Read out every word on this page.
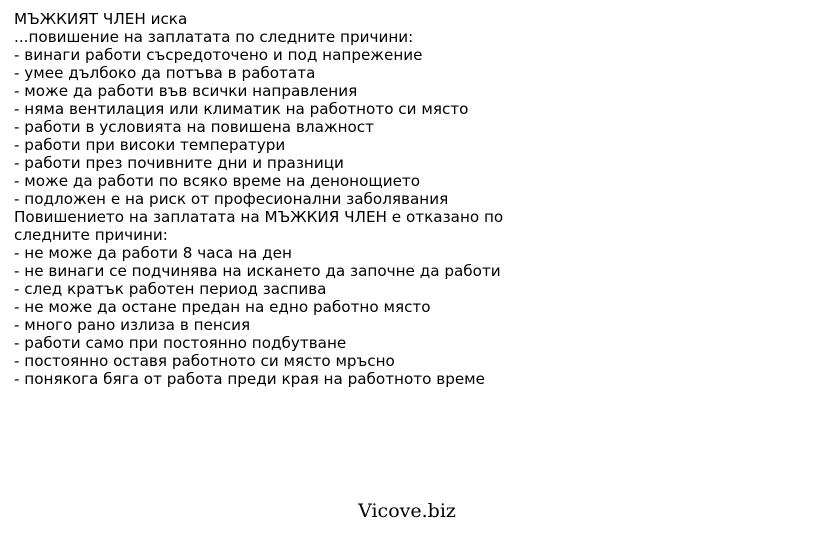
МЪЖКИЯТ ЧЛЕН иска
...повишение на заплатата по следните причини:
- винаги работи съсредоточено и под напрежение
- умее дълбоко да потъва в работата
- може да работи във всички направления
- няма вентилация или климатик на работното си място
- работи в условията на повишена влажност
- работи при високи температури
- работи през почивните дни и празници
- може да работи по всяко време на денонощието
- подложен е на риск от професионални заболявания
Повишението на заплатата на МЪЖКИЯ ЧЛЕН е отказано по
следните причини:
- не може да работи 8 часа на ден
- не винаги се подчинява на искането да започне да работи
- след кратък работен период заспива
- не може да остане предан на едно работно място
- много рано излиза в пенсия
- работи само при постоянно подбутване
- постоянно оставя работното си място мръсно
- понякога бяга от работа преди края на работното време
Vicove.biz
